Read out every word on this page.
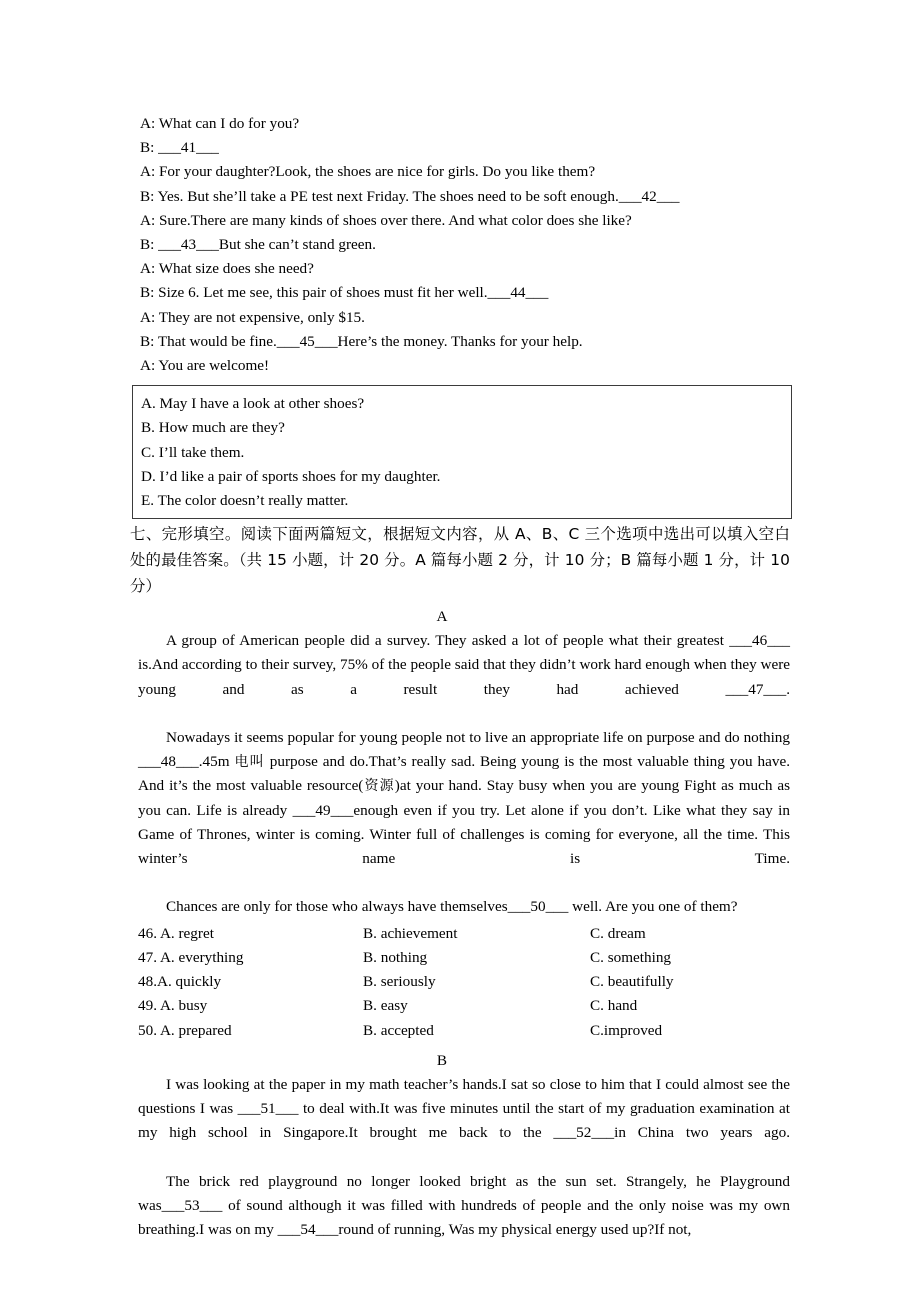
A: What can I do for you?
B: ___41___
A: For your daughter?Look, the shoes are nice for girls. Do you like them?
B: Yes. But she’ll take a PE test next Friday. The shoes need to be soft enough.___42___
A: Sure.There are many kinds of shoes over there. And what color does she like?
B: ___43___But she can’t stand green.
A: What size does she need?
B: Size 6. Let me see, this pair of shoes must fit her well.___44___
A: They are not expensive, only $15.
B: That would be fine.___45___Here’s the money. Thanks for your help.
A: You are welcome!
A. May I have a look at other shoes?
B. How much are they?
C. I’ll take them.
D. I’d like a pair of sports shoes for my daughter.
E. The color doesn’t really matter.
七、完形填空。阅读下面两篇短文，根据短文内容，从 A、B、C 三个选项中选出可以填入空白处的最佳答案。（共 15 小题，计 20 分。A 篇每小题 2 分，计 10 分；B 篇每小题 1 分，计 10 分）
A

A group of American people did a survey. They asked a lot of people what their greatest ___46___ is.And according to their survey, 75% of the people said that they didn’t work hard enough when they were young and as a result they had achieved ___47___.

Nowadays it seems popular for young people not to live an appropriate life on purpose and do nothing ___48___.45m 电叫 purpose and do.That’s really sad. Being young is the most valuable thing you have. And it’s the most valuable resource(资源)at your hand. Stay busy when you are young Fight as much as you can. Life is already ___49___enough even if you try. Let alone if you don’t. Like what they say in Game of Thrones, winter is coming. Winter full of challenges is coming for everyone, all the time. This winter’s name is Time.

Chances are only for those who always have themselves___50___ well. Are you one of them?

46. A. regret	B. achievement	C. dream
47. A. everything	B. nothing	C. something
48.A. quickly	B. seriously	C. beautifully
49. A. busy	B. easy	C. hand
50. A. prepared	B. accepted	C.improved
B

I was looking at the paper in my math teacher’s hands.I sat so close to him that I could almost see the questions I was ___51___ to deal with.It was five minutes until the start of my graduation examination at my high school in Singapore.It brought me back to the ___52___in China two years ago.

The brick red playground no longer looked bright as the sun set. Strangely, he Playground was___53___ of sound although it was filled with hundreds of people and the only noise was my own breathing.I was on my ___54___round of running, Was my physical energy used up?If not,
